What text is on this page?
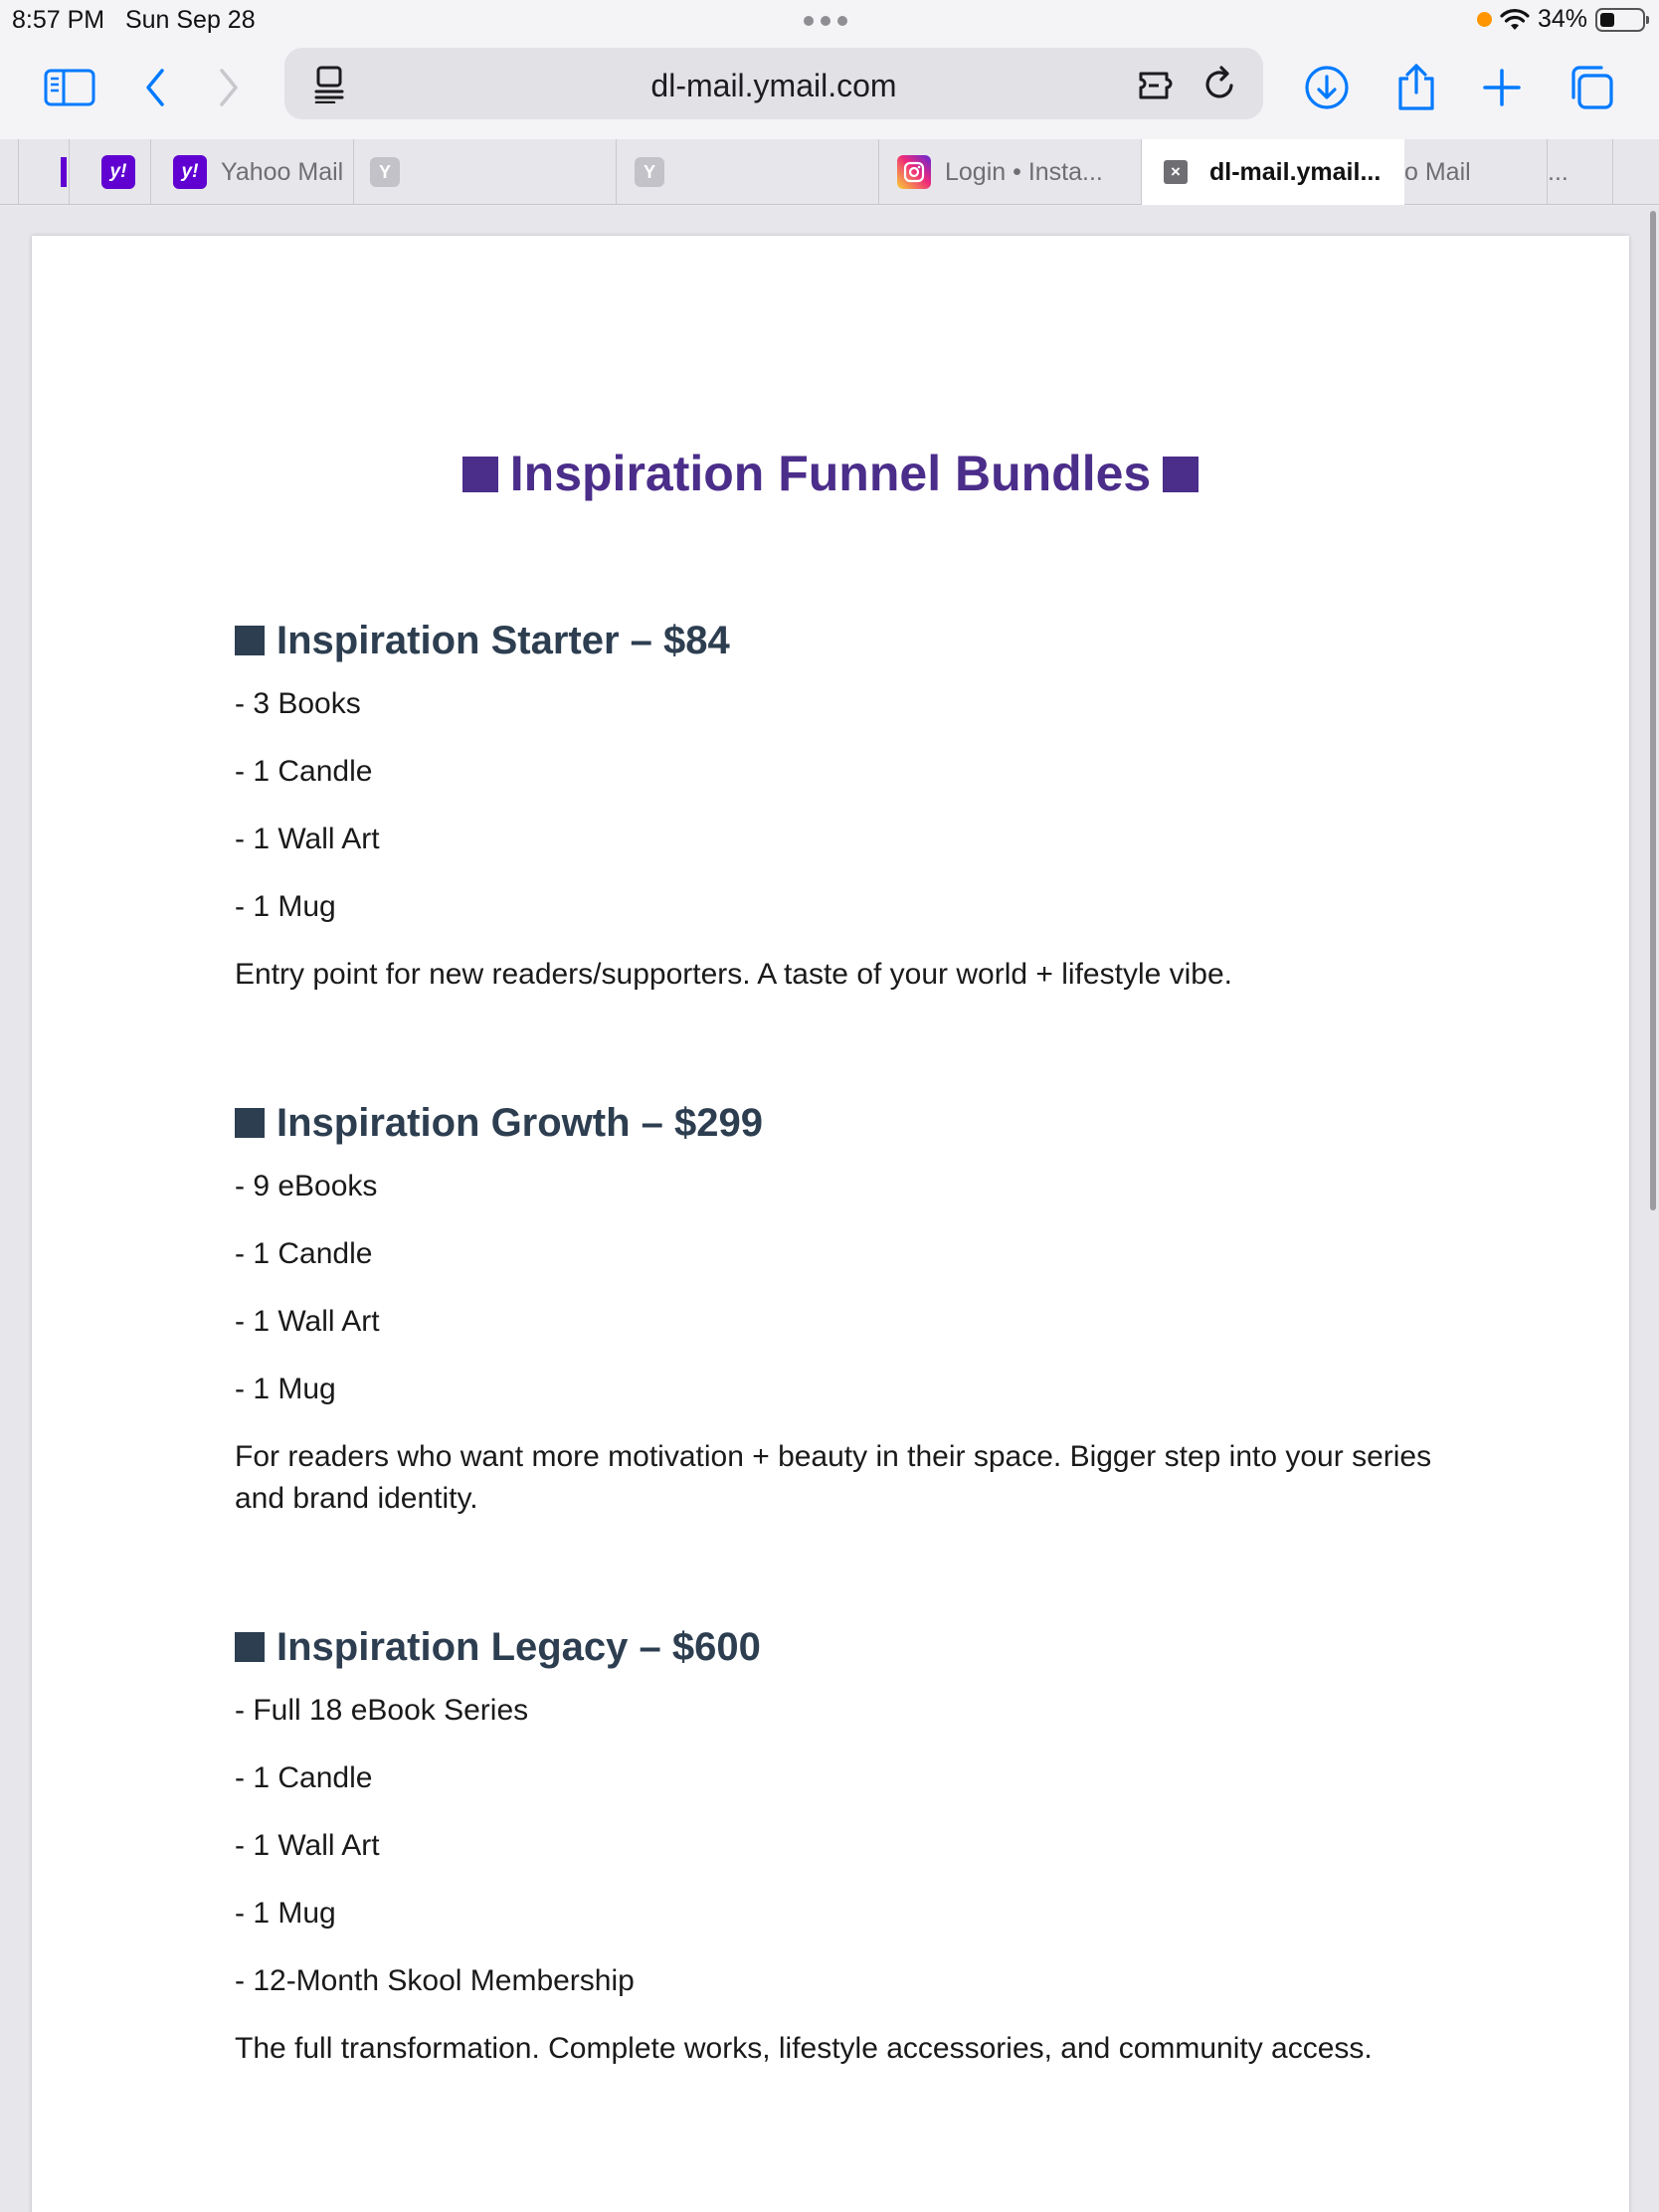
8:57 PM Sun Sep 28	34%
dl-mail.ymail.com
y!	y! Yahoo Mail	Y	Y	Login • Insta...	× dl-mail.ymail... o Mail	...
Inspiration Funnel Bundles
Inspiration Starter – $84
- 3 Books
- 1 Candle
- 1 Wall Art
- 1 Mug
Entry point for new readers/supporters. A taste of your world + lifestyle vibe.
Inspiration Growth – $299
- 9 eBooks
- 1 Candle
- 1 Wall Art
- 1 Mug
For readers who want more motivation + beauty in their space. Bigger step into your series and brand identity.
Inspiration Legacy – $600
- Full 18 eBook Series
- 1 Candle
- 1 Wall Art
- 1 Mug
- 12-Month Skool Membership
The full transformation. Complete works, lifestyle accessories, and community access.
